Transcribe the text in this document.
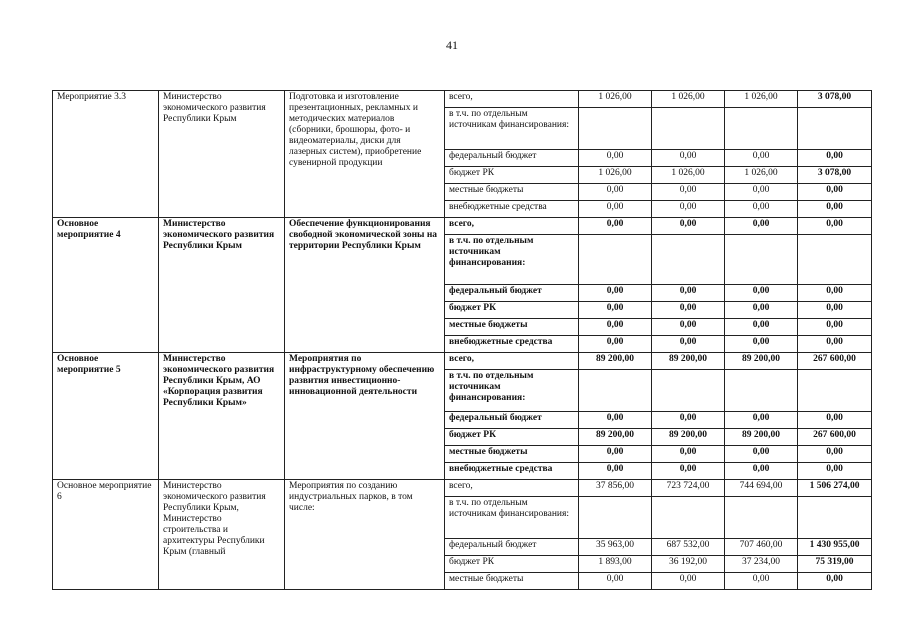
41
Мероприятие 3.3	Министерство экономического развития Республики Крым	Подготовка и изготовление презентационных, рекламных и методических материалов (сборники, брошюры, фото- и видеоматериалы, диски для лазерных систем), приобретение сувенирной продукции	всего,	1 026,00	1 026,00	1 026,00	3 078,00
			в т.ч. по отдельным источникам финансирования:				
			федеральный бюджет	0,00	0,00	0,00	0,00
			бюджет РК	1 026,00	1 026,00	1 026,00	3 078,00
			местные бюджеты	0,00	0,00	0,00	0,00
			внебюджетные средства	0,00	0,00	0,00	0,00
Основное мероприятие 4	Министерство экономического развития Республики Крым	Обеспечение функционирования свободной экономической зоны на территории Республики Крым	всего,	0,00	0,00	0,00	0,00
			в т.ч. по отдельным источникам финансирования:				
			федеральный бюджет	0,00	0,00	0,00	0,00
			бюджет РК	0,00	0,00	0,00	0,00
			местные бюджеты	0,00	0,00	0,00	0,00
			внебюджетные средства	0,00	0,00	0,00	0,00
Основное мероприятие 5	Министерство экономического развития Республики Крым, АО «Корпорация развития Республики Крым»	Мероприятия по инфраструктурному обеспечению развития инвестиционно-инновационной деятельности	всего,	89 200,00	89 200,00	89 200,00	267 600,00
			в т.ч. по отдельным источникам финансирования:				
			федеральный бюджет	0,00	0,00	0,00	0,00
			бюджет РК	89 200,00	89 200,00	89 200,00	267 600,00
			местные бюджеты	0,00	0,00	0,00	0,00
			внебюджетные средства	0,00	0,00	0,00	0,00
Основное мероприятие 6	Министерство экономического развития Республики Крым, Министерство строительства и архитектуры Республики Крым (главный	Мероприятия по созданию индустриальных парков, в том числе:	всего,	37 856,00	723 724,00	744 694,00	1 506 274,00
			в т.ч. по отдельным источникам финансирования:				
			федеральный бюджет	35 963,00	687 532,00	707 460,00	1 430 955,00
			бюджет РК	1 893,00	36 192,00	37 234,00	75 319,00
			местные бюджеты	0,00	0,00	0,00	0,00
